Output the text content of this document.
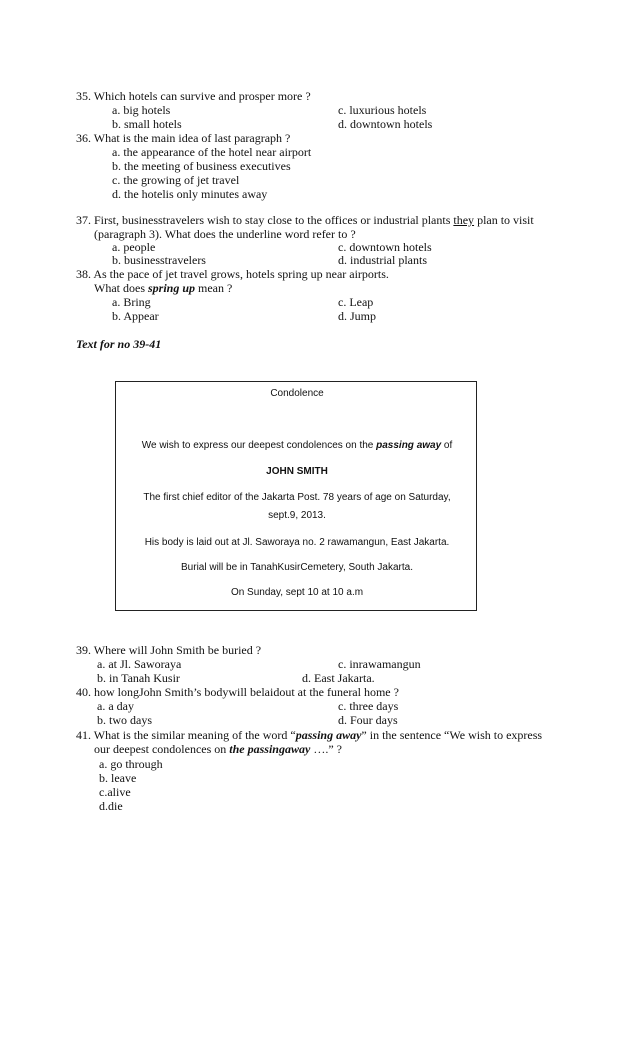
35. Which hotels can survive and prosper more ?
a. big hotels	c. luxurious hotels
b. small hotels	d. downtown hotels
36. What is the main idea of last paragraph ?
a. the appearance of the hotel near airport
b. the meeting of business executives
c. the growing of jet travel
d. the hotelis only minutes away
37. First, businesstravelers wish to stay close to the offices or industrial plants they plan to visit
(paragraph 3). What does the underline word refer to ?
a. people	c. downtown hotels
b. businesstravelers	d. industrial plants
38. As the pace of jet travel grows, hotels spring up near airports.
What does spring up mean ?
a. Bring	c. Leap
b. Appear	d. Jump
Text for no 39-41
Condolence
We wish to express our deepest condolences on the passing away of
JOHN SMITH
The first chief editor of the Jakarta Post. 78 years of age on Saturday,
sept.9, 2013.
His body is laid out at Jl. Saworaya no. 2 rawamangun, East Jakarta.
Burial will be in TanahKusirCemetery, South Jakarta.
On Sunday, sept 10 at 10 a.m
39. Where will John Smith be buried ?
a. at Jl. Saworaya	c. inrawamangun
b. in Tanah Kusir	d. East Jakarta.
40. how longJohn Smith’s bodywill belaidout at the funeral home ?
a. a day	c. three days
b. two days	d. Four days
41. What is the similar meaning of the word “passing away” in the sentence “We wish to express
our deepest condolences on the passingaway ….” ?
a. go through
b. leave
c.alive
d.die
